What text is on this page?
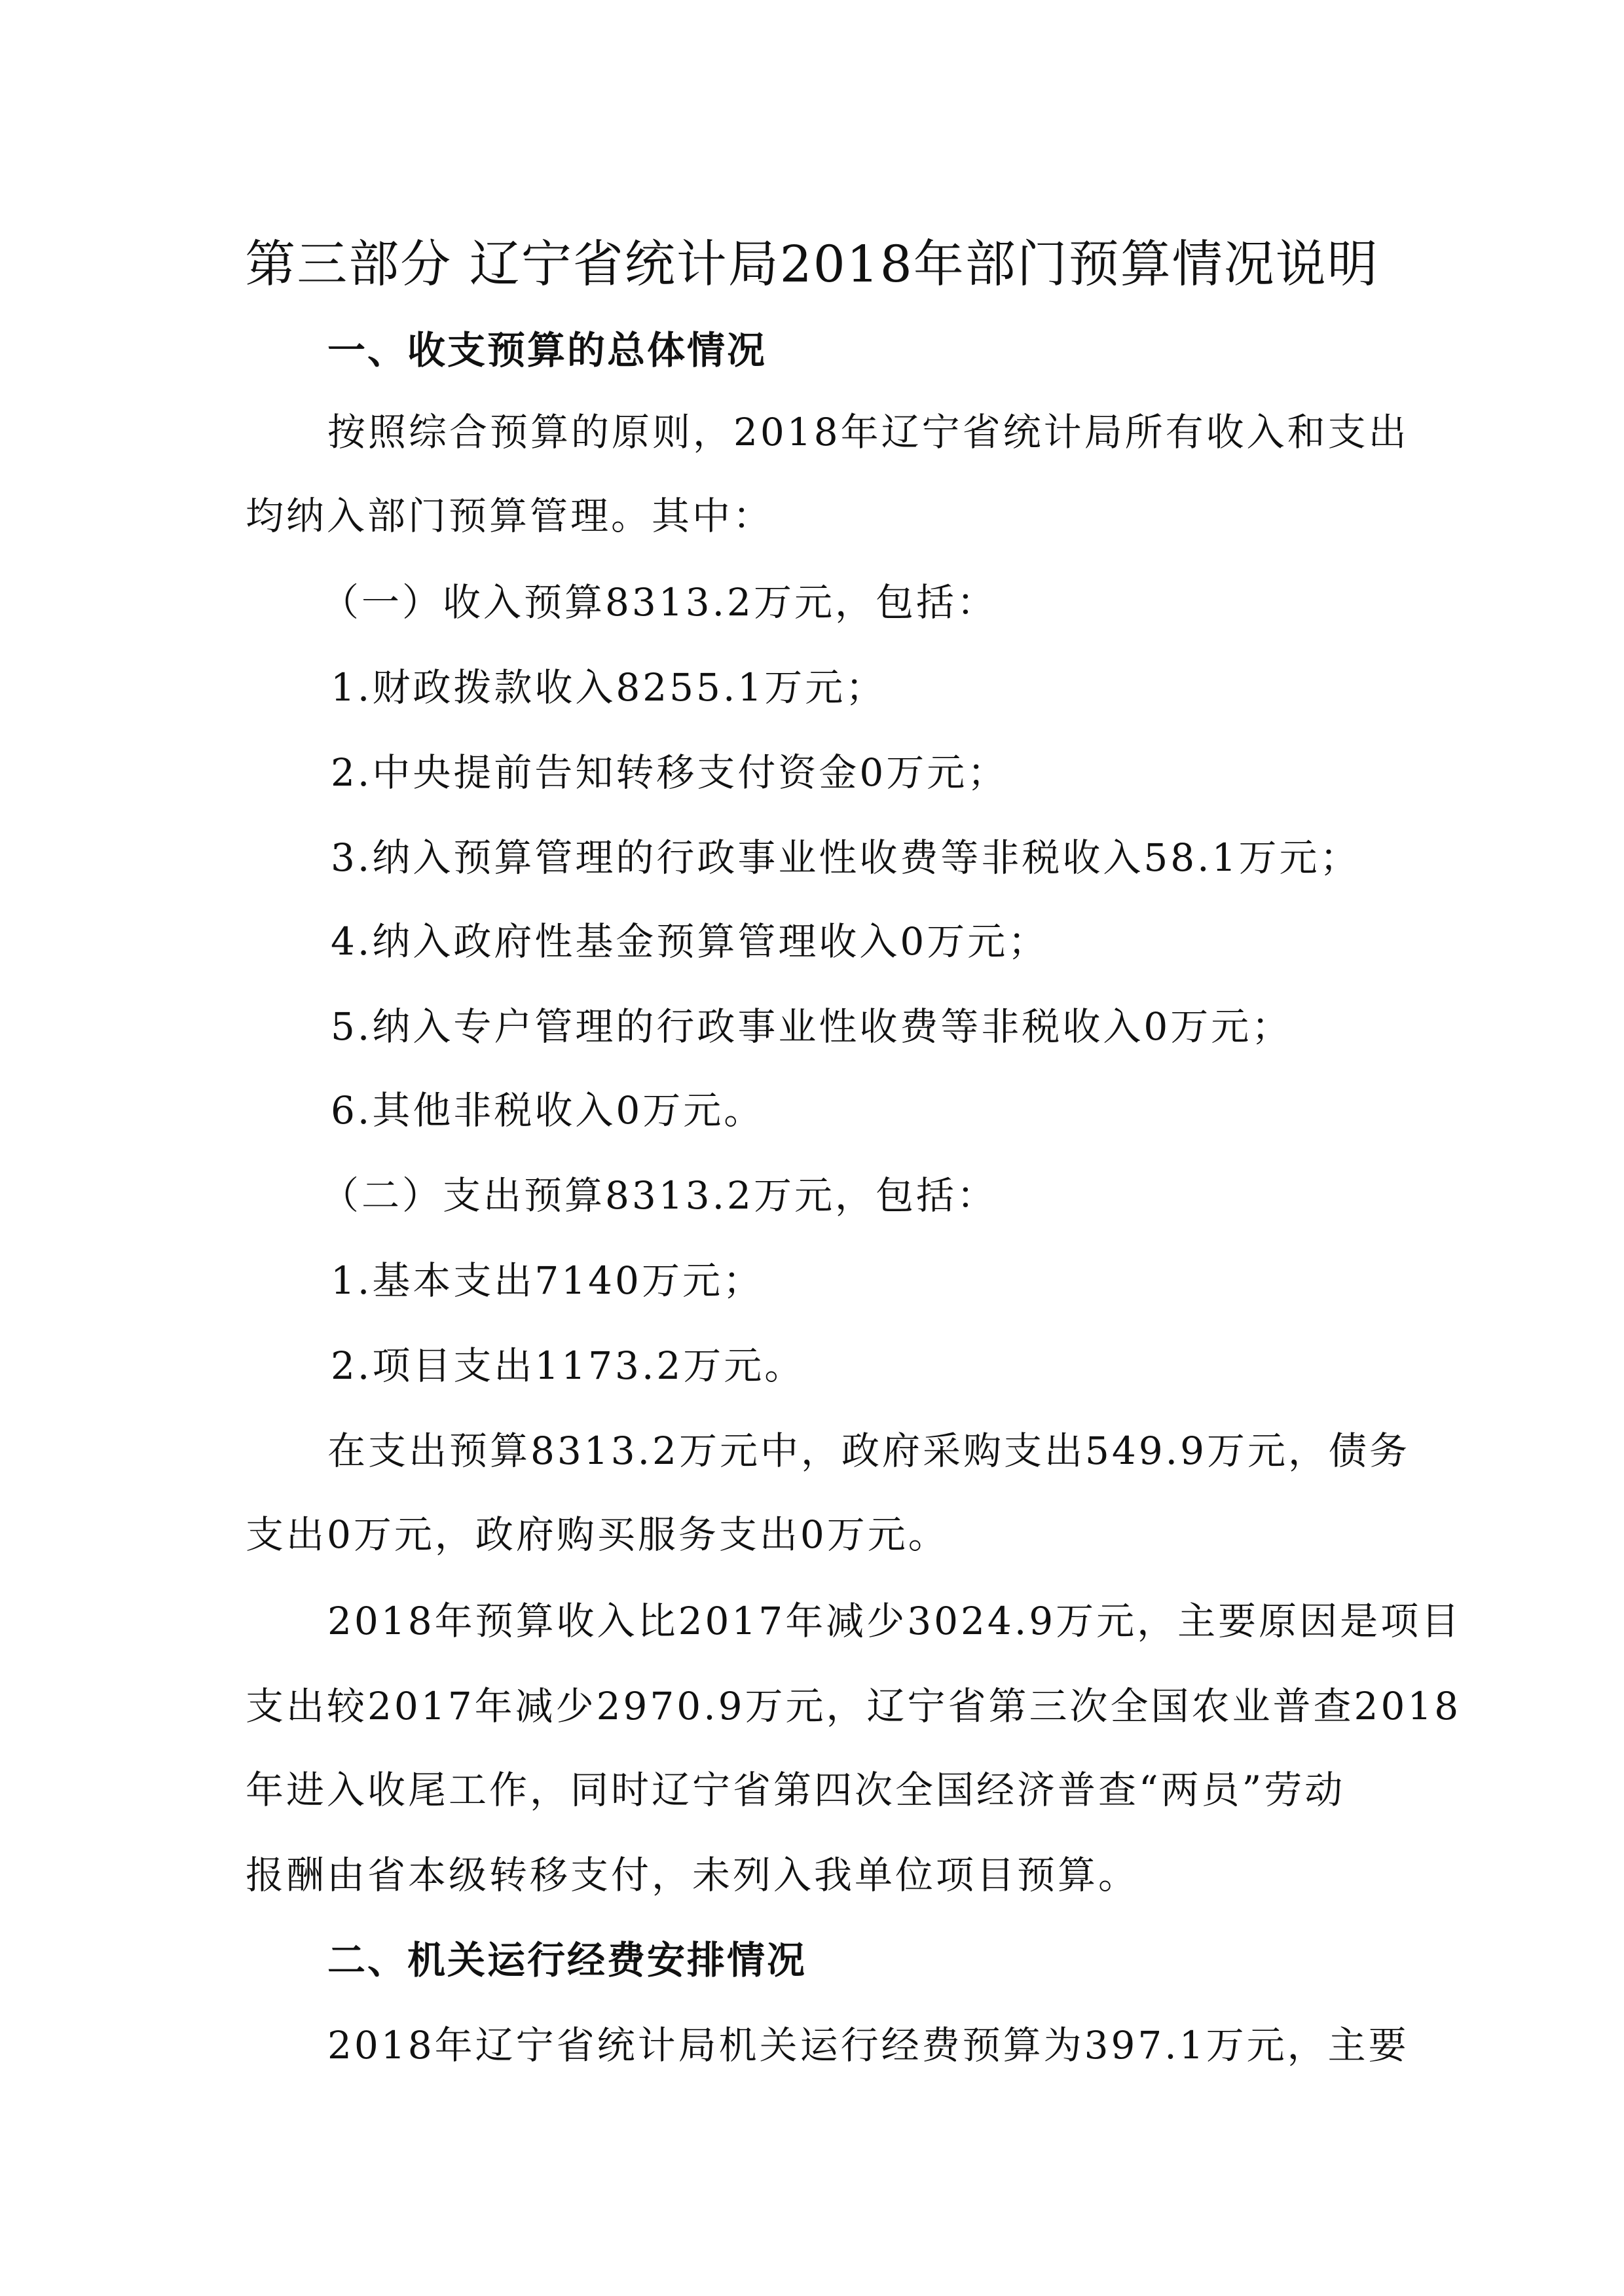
第三部分 辽宁省统计局2018年部门预算情况说明
一、收支预算的总体情况
按照综合预算的原则，2018年辽宁省统计局所有收入和支出
均纳入部门预算管理。其中：
（一）收入预算8313.2万元，包括：
1.财政拨款收入8255.1万元；
2.中央提前告知转移支付资金0万元；
3.纳入预算管理的行政事业性收费等非税收入58.1万元；
4.纳入政府性基金预算管理收入0万元；
5.纳入专户管理的行政事业性收费等非税收入0万元；
6.其他非税收入0万元。
（二）支出预算8313.2万元，包括：
1.基本支出7140万元；
2.项目支出1173.2万元。
在支出预算8313.2万元中，政府采购支出549.9万元，债务
支出0万元，政府购买服务支出0万元。
2018年预算收入比2017年减少3024.9万元，主要原因是项目
支出较2017年减少2970.9万元，辽宁省第三次全国农业普查2018
年进入收尾工作，同时辽宁省第四次全国经济普查“两员”劳动
报酬由省本级转移支付，未列入我单位项目预算。
二、机关运行经费安排情况
2018年辽宁省统计局机关运行经费预算为397.1万元，主要
